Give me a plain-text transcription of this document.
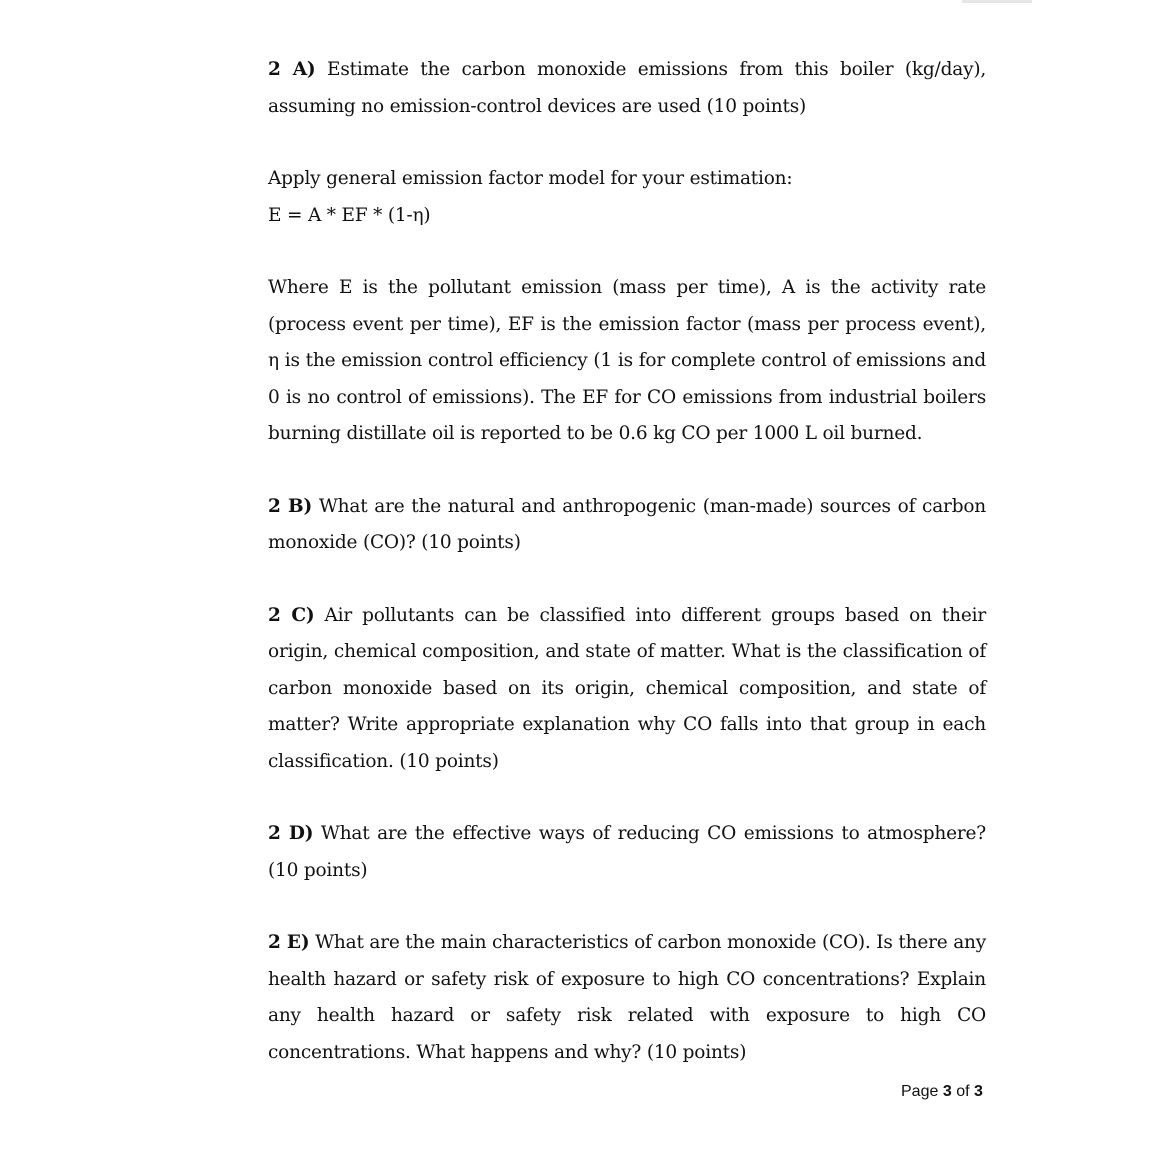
2 A) Estimate the carbon monoxide emissions from this boiler (kg/day), assuming no emission-control devices are used (10 points)

Apply general emission factor model for your estimation:

E = A * EF * (1-η)

Where E is the pollutant emission (mass per time), A is the activity rate (process event per time), EF is the emission factor (mass per process event), η is the emission control efficiency (1 is for complete control of emissions and 0 is no control of emissions). The EF for CO emissions from industrial boilers burning distillate oil is reported to be 0.6 kg CO per 1000 L oil burned.

2 B) What are the natural and anthropogenic (man-made) sources of carbon monoxide (CO)? (10 points)

2 C) Air pollutants can be classified into different groups based on their origin, chemical composition, and state of matter. What is the classification of carbon monoxide based on its origin, chemical composition, and state of matter? Write appropriate explanation why CO falls into that group in each classification. (10 points)

2 D) What are the effective ways of reducing CO emissions to atmosphere? (10 points)

2 E) What are the main characteristics of carbon monoxide (CO). Is there any health hazard or safety risk of exposure to high CO concentrations? Explain any health hazard or safety risk related with exposure to high CO concentrations. What happens and why? (10 points)

Page 3 of 3
